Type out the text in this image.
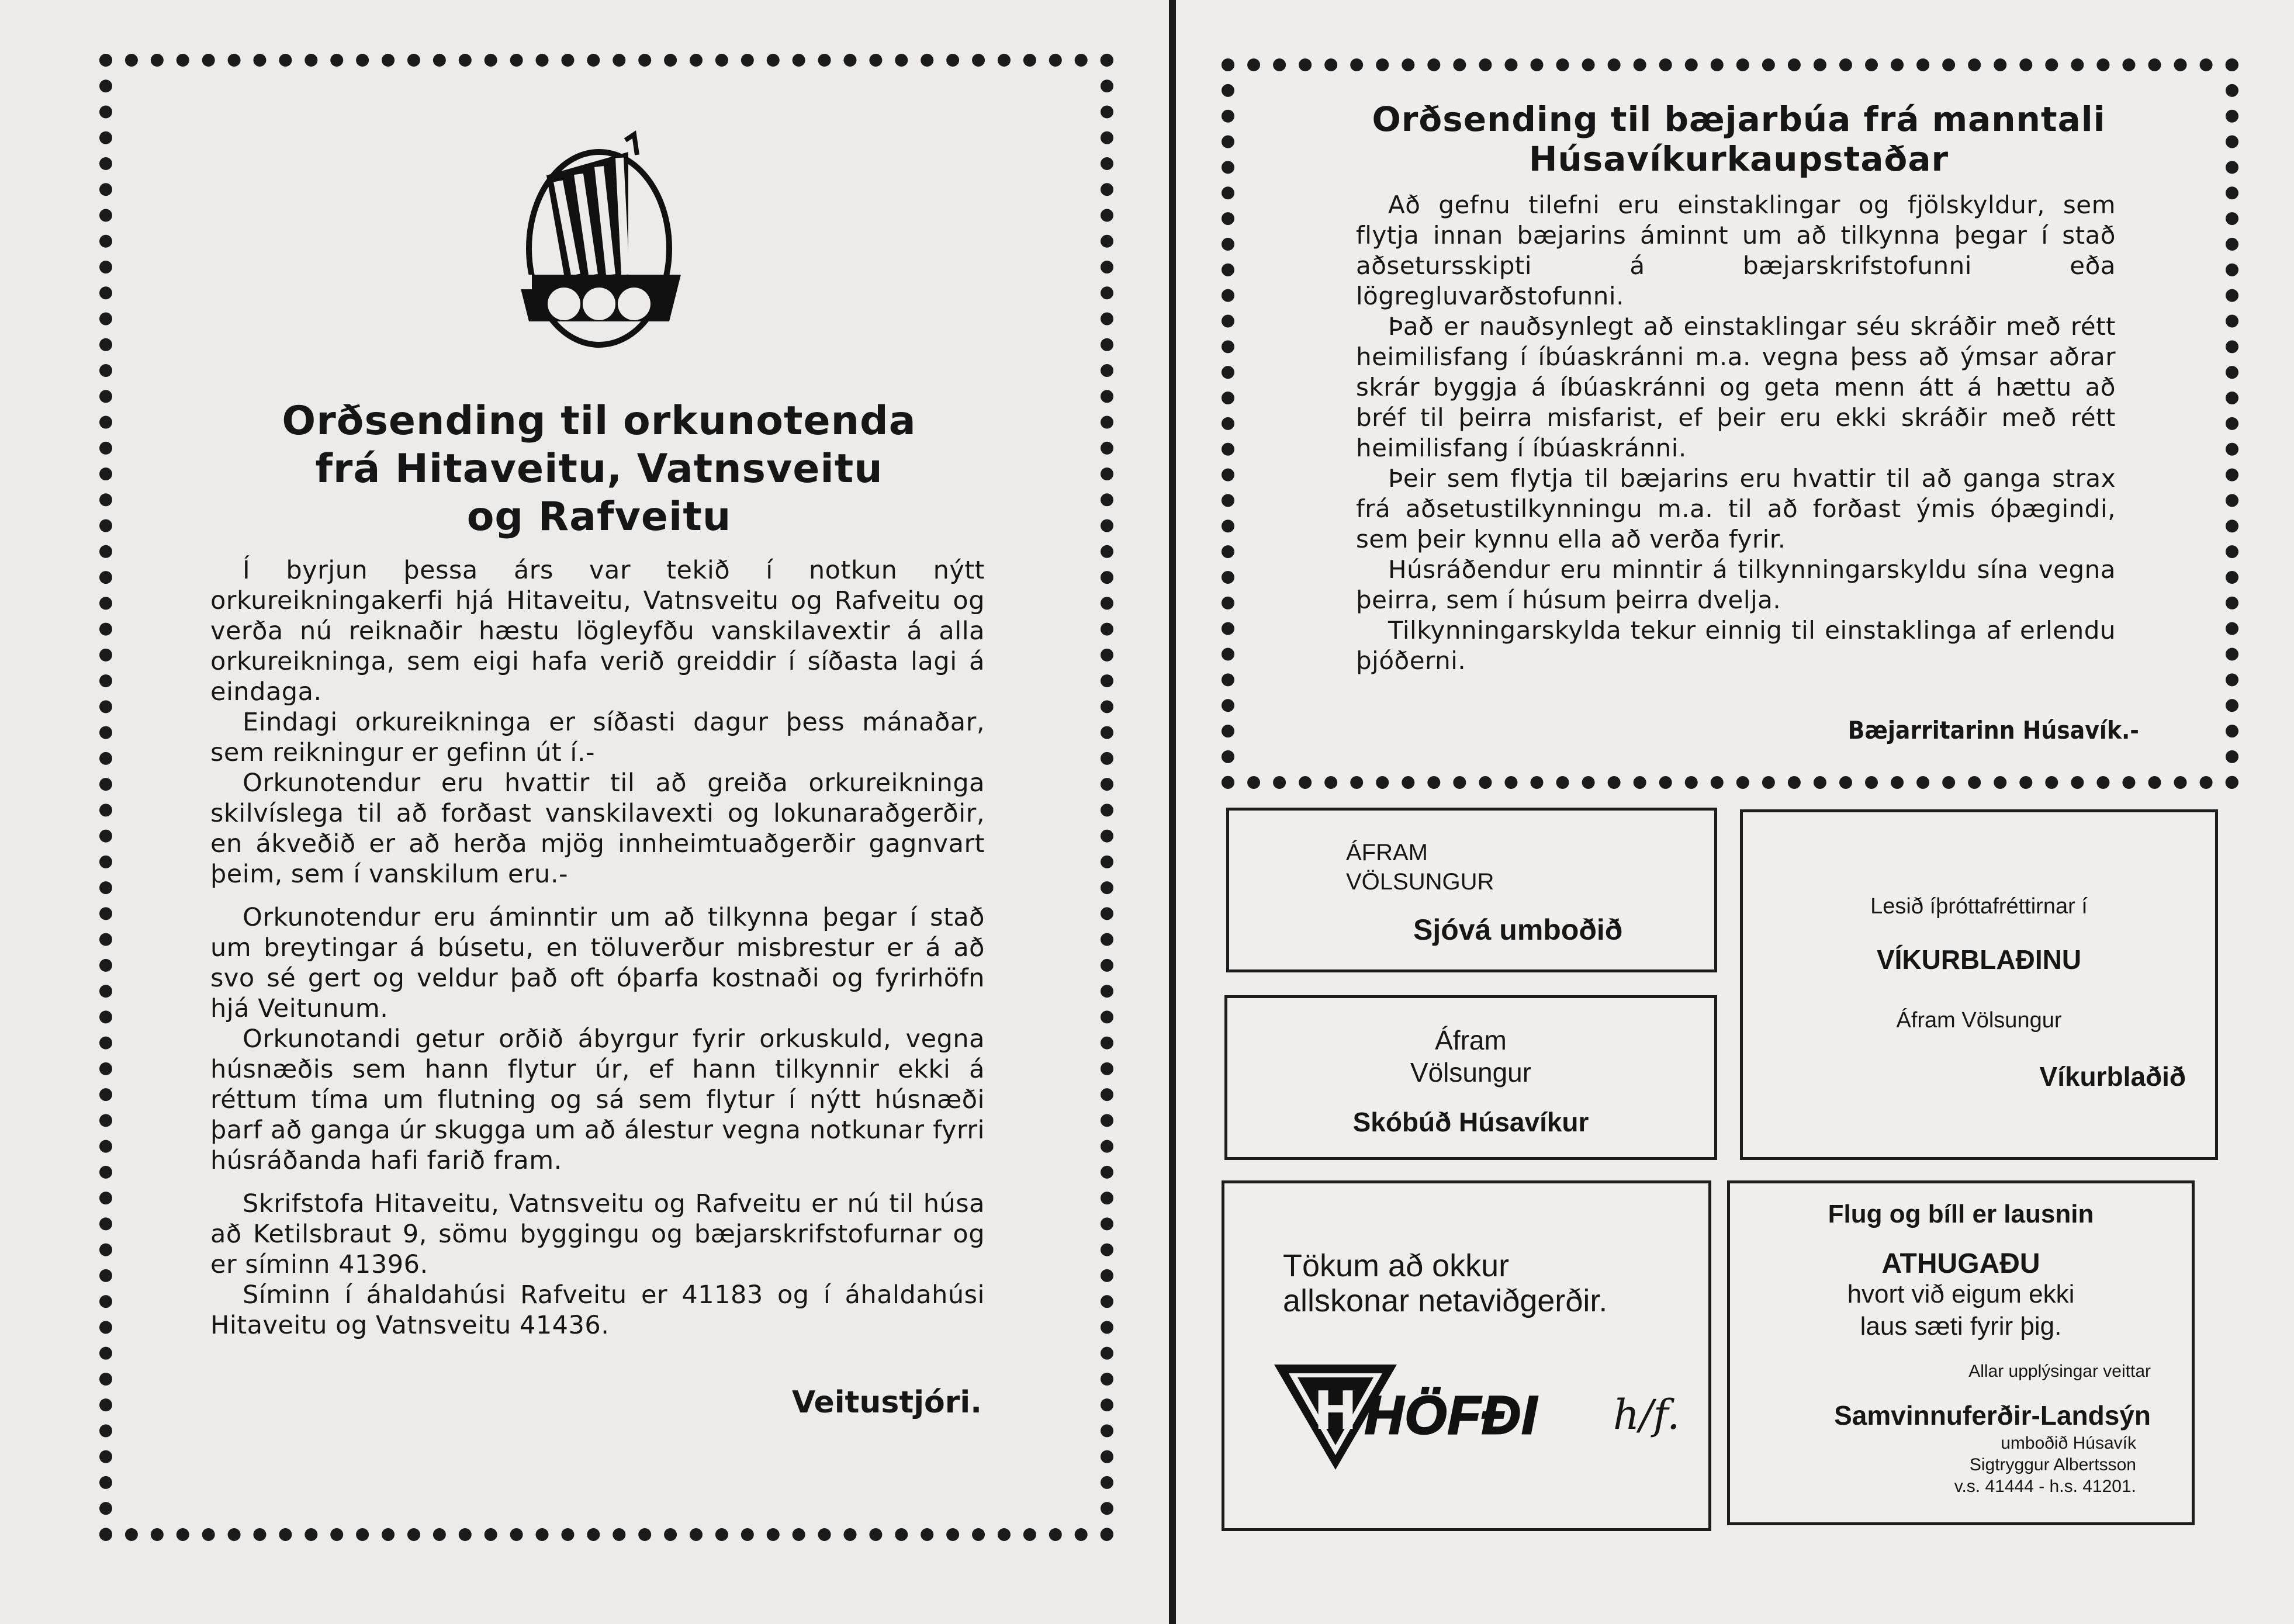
Orðsending til orkunotenda
frá Hitaveitu, Vatnsveitu
og Rafveitu

Í byrjun þessa árs var tekið í notkun nýtt orkureikningakerfi hjá Hitaveitu, Vatnsveitu og Rafveitu og verða nú reiknaðir hæstu lögleyfðu vanskilavextir á alla orkureikninga, sem eigi hafa verið greiddir í síðasta lagi á eindaga.

Eindagi orkureikninga er síðasti dagur þess mánaðar, sem reikningur er gefinn út í.-

Orkunotendur eru hvattir til að greiða orkureikninga skilvíslega til að forðast vanskilavexti og lokunaraðgerðir, en ákveðið er að herða mjög innheimtuaðgerðir gagnvart þeim, sem í vanskilum eru.-

Orkunotendur eru áminntir um að tilkynna þegar í stað um breytingar á búsetu, en töluverður misbrestur er á að svo sé gert og veldur það oft óþarfa kostnaði og fyrirhöfn hjá Veitunum.

Orkunotandi getur orðið ábyrgur fyrir orkuskuld, vegna húsnæðis sem hann flytur úr, ef hann tilkynnir ekki á réttum tíma um flutning og sá sem flytur í nýtt húsnæði þarf að ganga úr skugga um að álestur vegna notkunar fyrri húsráðanda hafi farið fram.

Skrifstofa Hitaveitu, Vatnsveitu og Rafveitu er nú til húsa að Ketilsbraut 9, sömu byggingu og bæjarskrifstofurnar og er síminn 41396.

Síminn í áhaldahúsi Rafveitu er 41183 og í áhaldahúsi Hitaveitu og Vatnsveitu 41436.

Veitustjóri.

Orðsending til bæjarbúa frá manntali
Húsavíkurkaupstaðar

Að gefnu tilefni eru einstaklingar og fjölskyldur, sem flytja innan bæjarins áminnt um að tilkynna þegar í stað aðsetursskipti á bæjarskrifstofunni eða lögregluvarðstofunni.

Það er nauðsynlegt að einstaklingar séu skráðir með rétt heimilisfang í íbúaskránni m.a. vegna þess að ýmsar aðrar skrár byggja á íbúaskránni og geta menn átt á hættu að bréf til þeirra misfarist, ef þeir eru ekki skráðir með rétt heimilisfang í íbúaskránni.

Þeir sem flytja til bæjarins eru hvattir til að ganga strax frá aðsetustilkynningu m.a. til að forðast ýmis óþægindi, sem þeir kynnu ella að verða fyrir.

Húsráðendur eru minntir á tilkynningarskyldu sína vegna þeirra, sem í húsum þeirra dvelja.

Tilkynningarskylda tekur einnig til einstaklinga af erlendu þjóðerni.

Bæjarritarinn Húsavík.-

ÁFRAM

VÖLSUNGUR

Sjóvá umboðið

Áfram

Völsungur

Skóbúð Húsavíkur

Tökum að okkur

allskonar netaviðgerðir.

H HÖFÐI h/f.

Lesið íþróttafréttirnar í

VÍKURBLAÐINU

Áfram Völsungur

Víkurblaðið

Flug og bíll er lausnin

ATHUGAÐU

hvort við eigum ekki

laus sæti fyrir þig.

Allar upplýsingar veittar

Samvinnuferðir-Landsýn

umboðið Húsavík

Sigtryggur Albertsson

v.s. 41444 - h.s. 41201.
